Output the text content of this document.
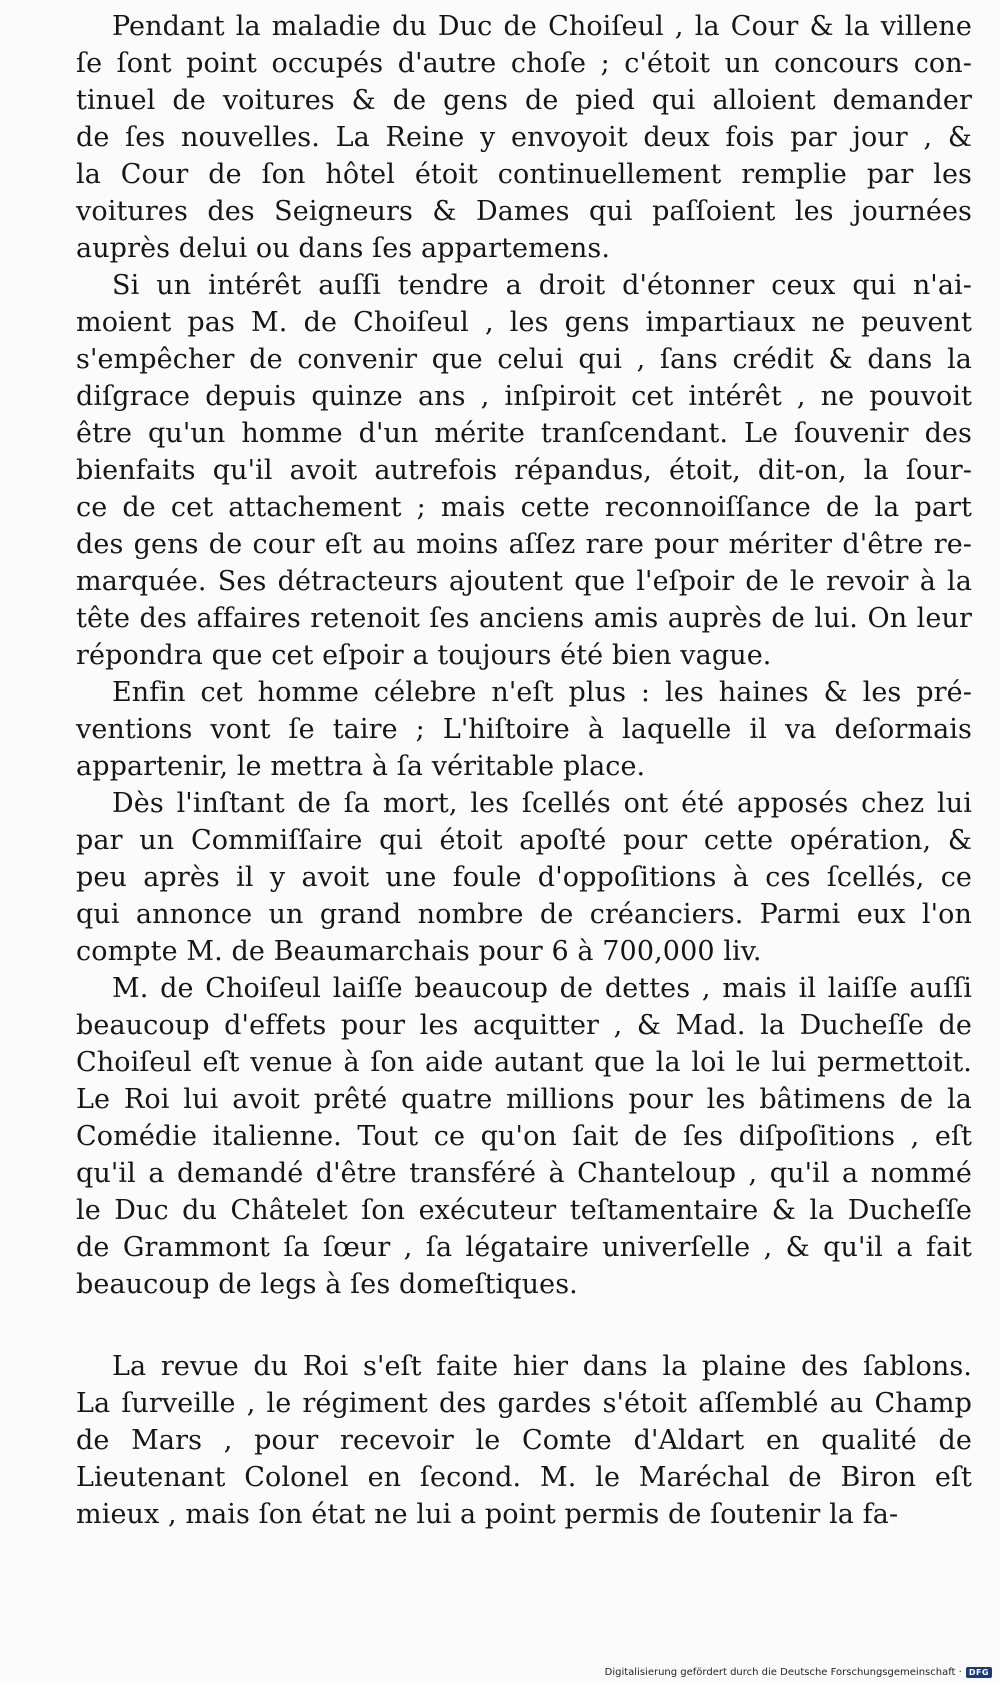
Pendant la maladie du Duc de Choiſeul , la Cour & la villene
ſe ſont point occupés d'autre choſe ; c'étoit un concours con-
tinuel de voitures & de gens de pied qui alloient demander
de ſes nouvelles. La Reine y envoyoit deux fois par jour , &
la Cour de ſon hôtel étoit continuellement remplie par les
voitures des Seigneurs & Dames qui paſſoient les journées
auprès delui ou dans ſes appartemens.
Si un intérêt auſſi tendre a droit d'étonner ceux qui n'ai-
moient pas M. de Choiſeul , les gens impartiaux ne peuvent
s'empêcher de convenir que celui qui , ſans crédit & dans la
diſgrace depuis quinze ans , inſpiroit cet intérêt , ne pouvoit
être qu'un homme d'un mérite tranſcendant. Le ſouvenir des
bienfaits qu'il avoit autrefois répandus, étoit, dit-on, la ſour-
ce de cet attachement ; mais cette reconnoiſſance de la part
des gens de cour eſt au moins aſſez rare pour mériter d'être re-
marquée. Ses détracteurs ajoutent que l'eſpoir de le revoir à la
tête des affaires retenoit ſes anciens amis auprès de lui. On leur
répondra que cet eſpoir a toujours été bien vague.
Enfin cet homme célebre n'eſt plus : les haines & les pré-
ventions vont ſe taire ; L'hiſtoire à laquelle il va deſormais
appartenir, le mettra à ſa véritable place.
Dès l'inſtant de ſa mort, les ſcellés ont été apposés chez lui
par un Commiſſaire qui étoit apoſté pour cette opération, &
peu après il y avoit une foule d'oppoſitions à ces ſcellés, ce
qui annonce un grand nombre de créanciers. Parmi eux l'on
compte M. de Beaumarchais pour 6 à 700,000 liv.
M. de Choiſeul laiſſe beaucoup de dettes , mais il laiſſe auſſi
beaucoup d'effets pour les acquitter , & Mad. la Ducheſſe de
Choiſeul eſt venue à ſon aide autant que la loi le lui permettoit.
Le Roi lui avoit prêté quatre millions pour les bâtimens de la
Comédie italienne. Tout ce qu'on ſait de ſes diſpoſitions , eſt
qu'il a demandé d'être transféré à Chanteloup , qu'il a nommé
le Duc du Châtelet ſon exécuteur teſtamentaire & la Ducheſſe
de Grammont ſa ſœur , ſa légataire univerſelle , & qu'il a fait
beaucoup de legs à ſes domeſtiques.
La revue du Roi s'eſt faite hier dans la plaine des ſablons.
La ſurveille , le régiment des gardes s'étoit aſſemblé au Champ
de Mars , pour recevoir le Comte d'Aldart en qualité de
Lieutenant Colonel en ſecond. M. le Maréchal de Biron eſt
mieux , mais ſon état ne lui a point permis de ſoutenir la fa-
Digitalisierung gefördert durch die Deutsche Forschungsgemeinschaft · DFG
